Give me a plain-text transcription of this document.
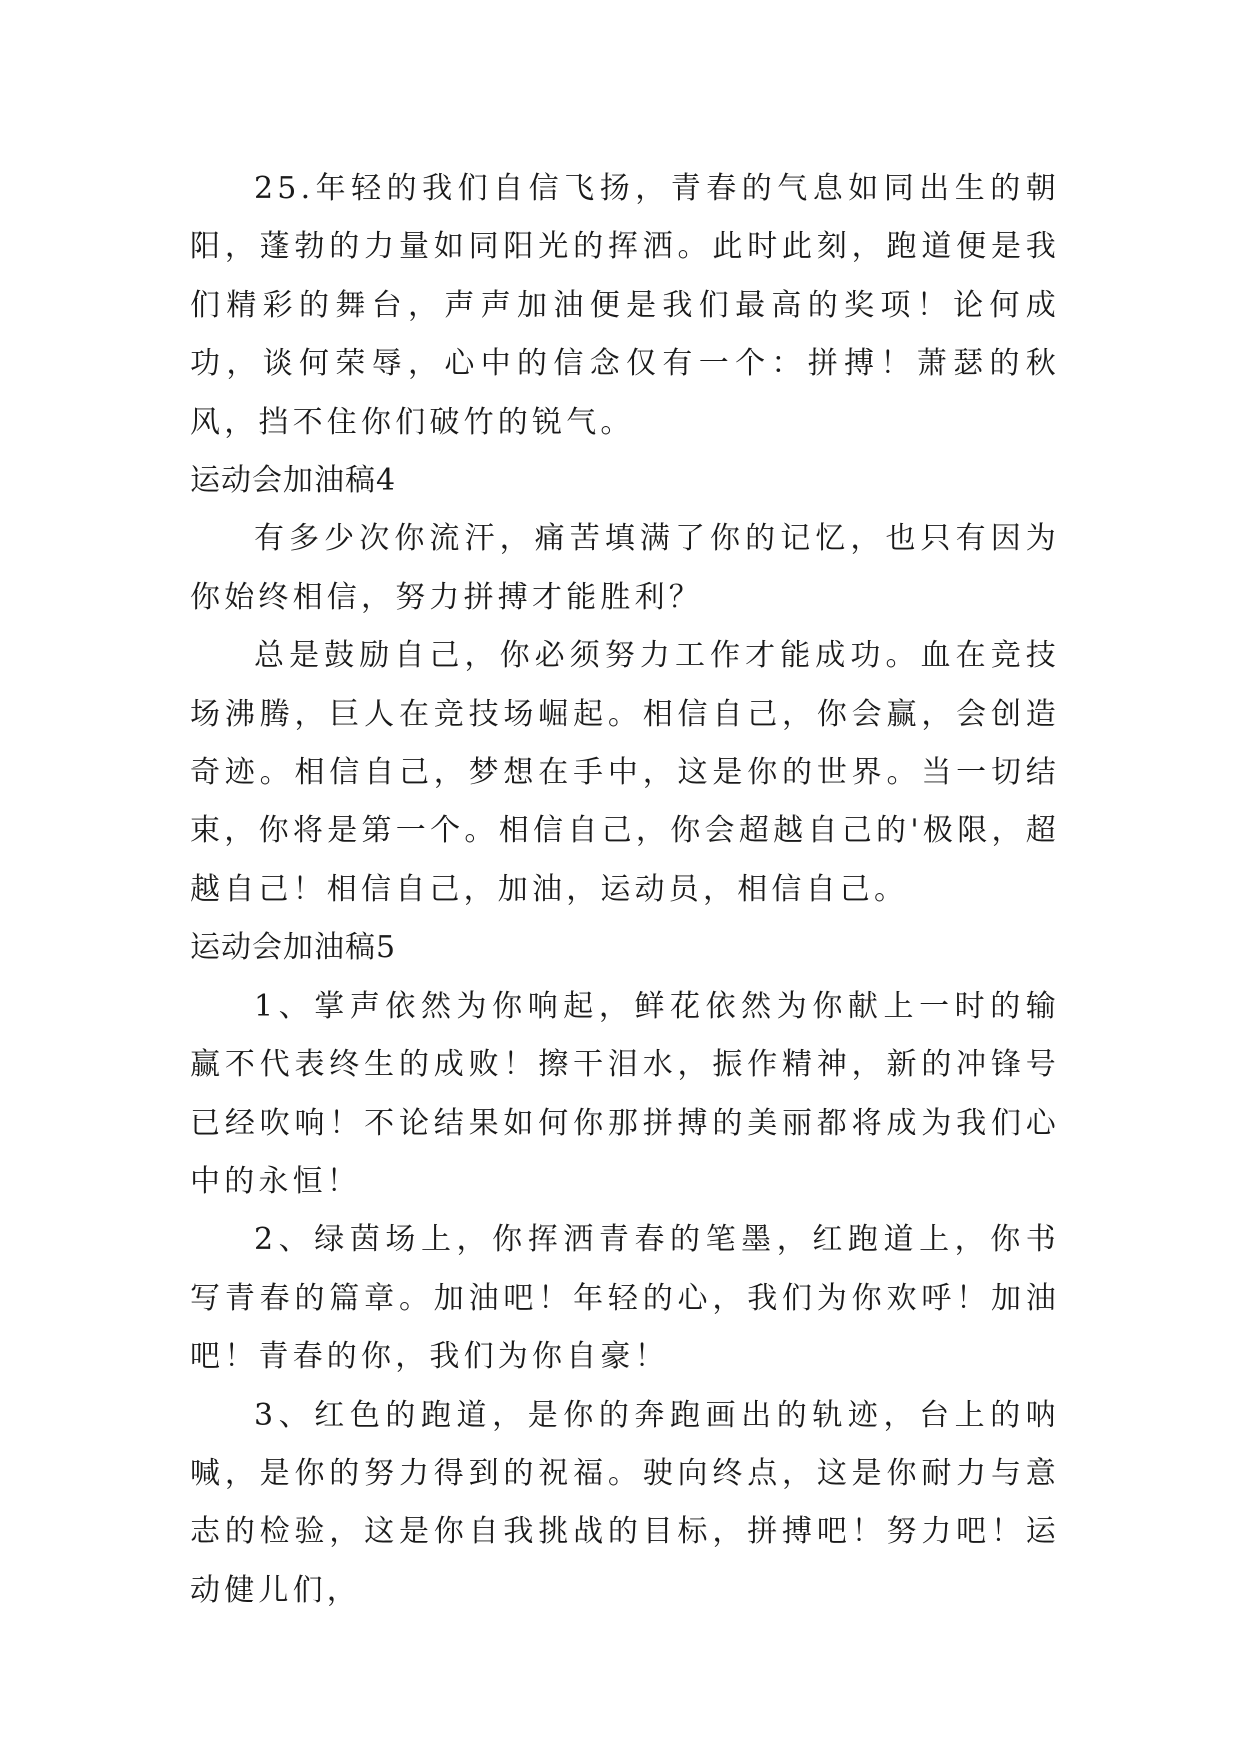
25.年轻的我们自信飞扬，青春的气息如同出生的朝阳，蓬勃的力量如同阳光的挥洒。此时此刻，跑道便是我们精彩的舞台，声声加油便是我们最高的奖项！论何成功，谈何荣辱，心中的信念仅有一个：拼搏！萧瑟的秋风，挡不住你们破竹的锐气。

运动会加油稿4

有多少次你流汗，痛苦填满了你的记忆，也只有因为你始终相信，努力拼搏才能胜利？

总是鼓励自己，你必须努力工作才能成功。血在竞技场沸腾，巨人在竞技场崛起。相信自己，你会赢，会创造奇迹。相信自己，梦想在手中，这是你的世界。当一切结束，你将是第一个。相信自己，你会超越自己的'极限，超越自己！相信自己，加油，运动员，相信自己。

运动会加油稿5

1、掌声依然为你响起，鲜花依然为你献上一时的输赢不代表终生的成败！擦干泪水，振作精神，新的冲锋号已经吹响！不论结果如何你那拼搏的美丽都将成为我们心中的永恒！

2、绿茵场上，你挥洒青春的笔墨，红跑道上，你书写青春的篇章。加油吧！年轻的心，我们为你欢呼！加油吧！青春的你，我们为你自豪！

3、红色的跑道，是你的奔跑画出的轨迹，台上的呐喊，是你的努力得到的祝福。驶向终点，这是你耐力与意志的检验，这是你自我挑战的目标，拼搏吧！努力吧！运动健儿们，
